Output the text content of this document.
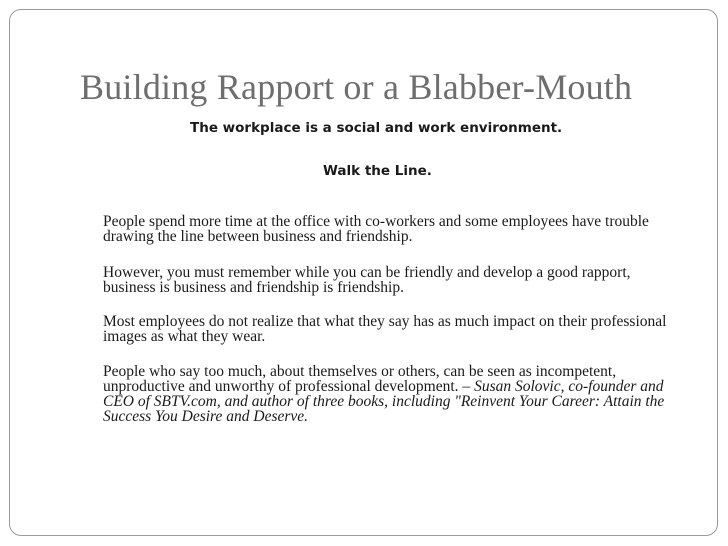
Building Rapport or a Blabber-Mouth

The workplace is a social and work environment.

Walk the Line.

People spend more time at the office with co-workers and some employees have trouble drawing the line between business and friendship.

However, you must remember while you can be friendly and develop a good rapport, business is business and friendship is friendship.

Most employees do not realize that what they say has as much impact on their professional images as what they wear.

People who say too much, about themselves or others, can be seen as incompetent, unproductive and unworthy of professional development. – Susan Solovic, co-founder and CEO of SBTV.com, and author of three books, including "Reinvent Your Career: Attain the Success You Desire and Deserve.
